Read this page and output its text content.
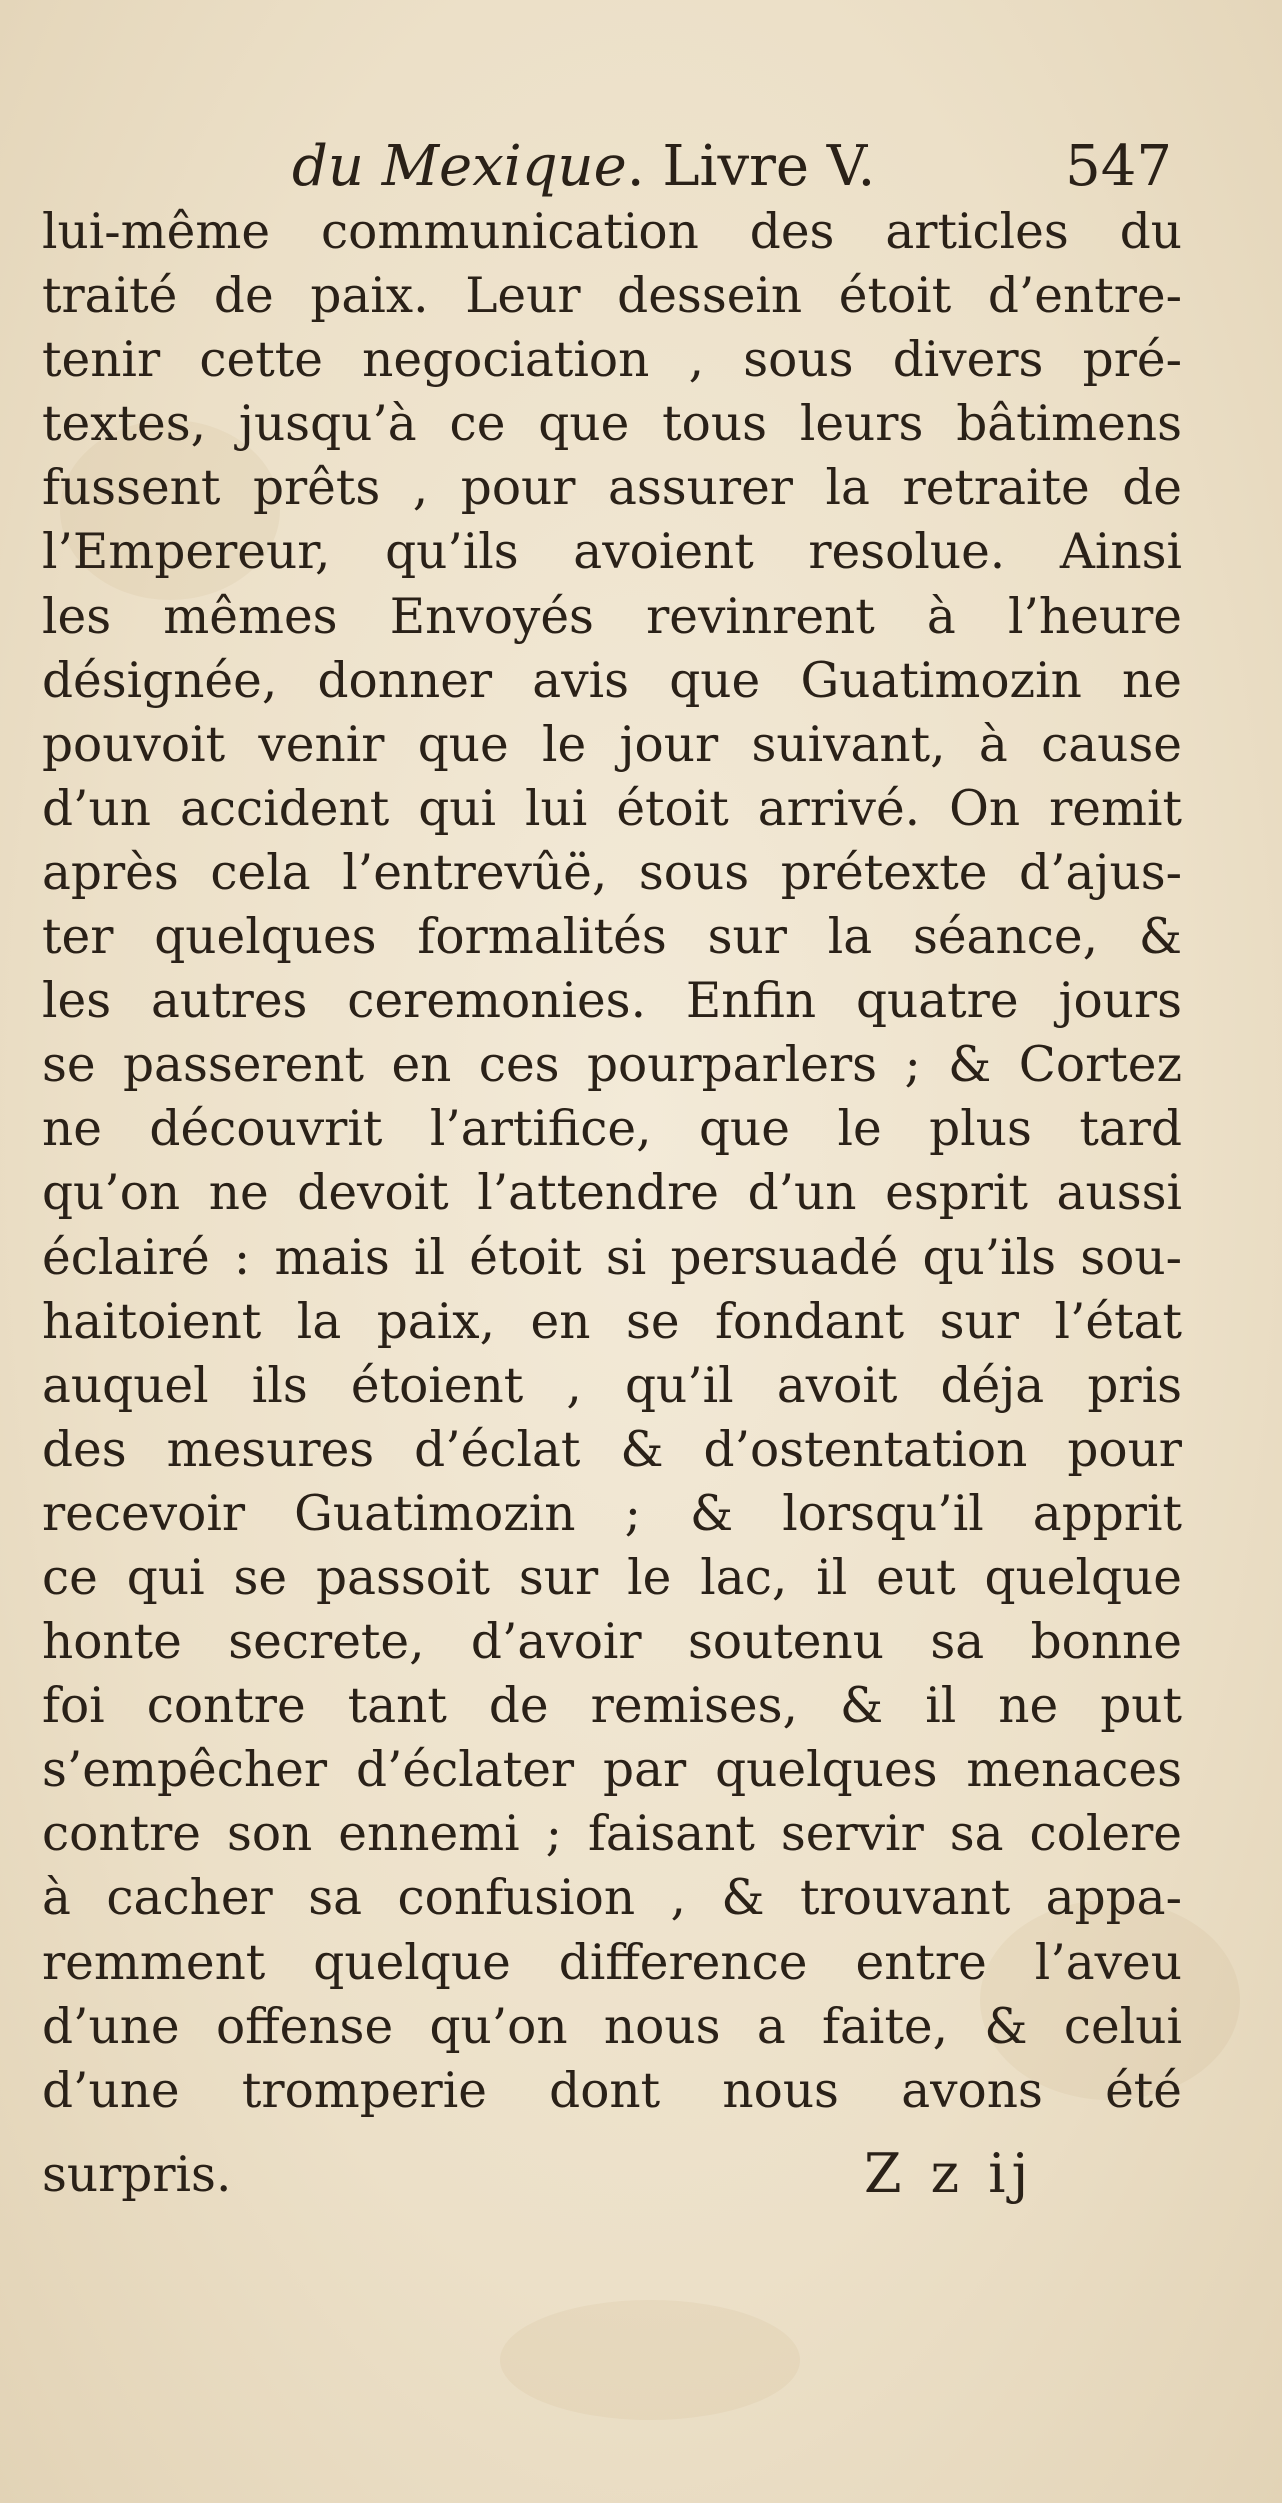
du Mexique. Livre V.	547
lui-même communication des articles du
traité de paix. Leur dessein étoit d’entre-
tenir cette negociation , sous divers pré-
textes, jusqu’à ce que tous leurs bâtimens
fussent prêts , pour assurer la retraite de
l’Empereur, qu’ils avoient resolue. Ainsi
les mêmes Envoyés revinrent à l’heure
désignée, donner avis que Guatimozin ne
pouvoit venir que le jour suivant, à cause
d’un accident qui lui étoit arrivé. On remit
après cela l’entrevûë, sous prétexte d’ajus-
ter quelques formalités sur la séance, &
les autres ceremonies. Enfin quatre jours
se passerent en ces pourparlers ; & Cortez
ne découvrit l’artifice, que le plus tard
qu’on ne devoit l’attendre d’un esprit aussi
éclairé : mais il étoit si persuadé qu’ils sou-
haitoient la paix, en se fondant sur l’état
auquel ils étoient , qu’il avoit déja pris
des mesures d’éclat & d’ostentation pour
recevoir Guatimozin ; & lorsqu’il apprit
ce qui se passoit sur le lac, il eut quelque
honte secrete, d’avoir soutenu sa bonne
foi contre tant de remises, & il ne put
s’empêcher d’éclater par quelques menaces
contre son ennemi ; faisant servir sa colere
à cacher sa confusion , & trouvant appa-
remment quelque difference entre l’aveu
d’une offense qu’on nous a faite, & celui
d’une tromperie dont nous avons été
surpris.	Z z ij
